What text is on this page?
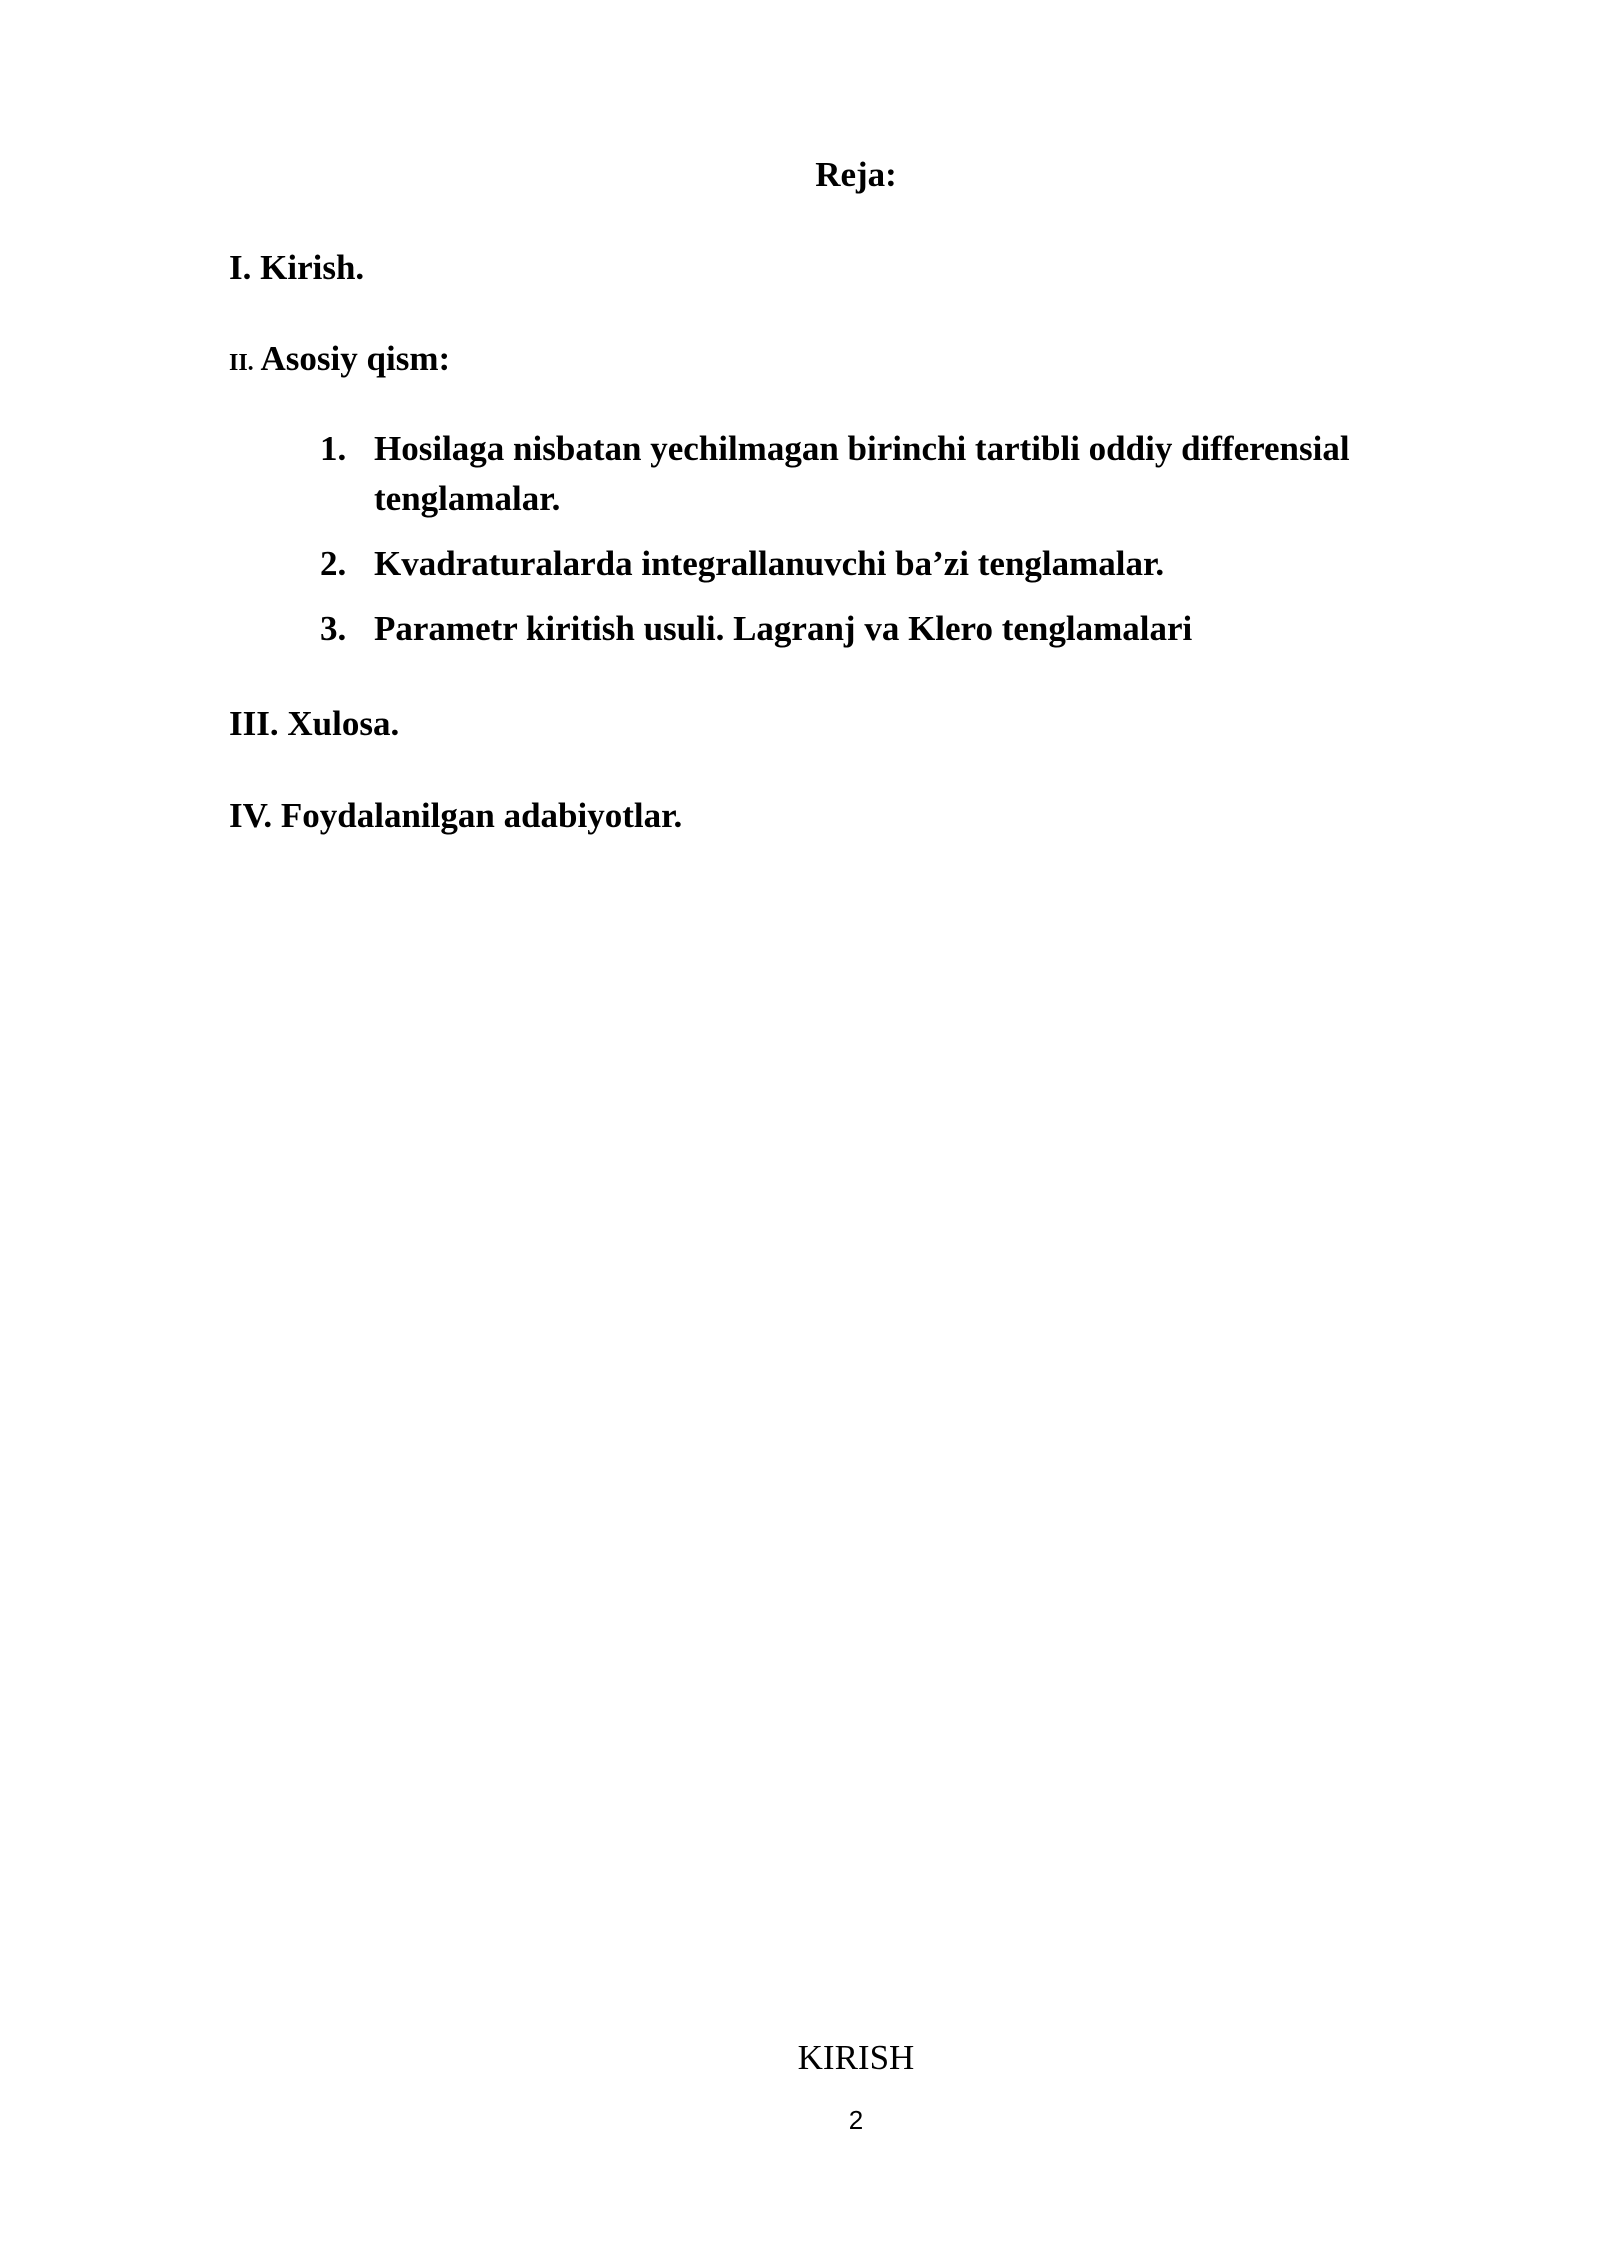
Reja:
I. Kirish.
II. Asosiy qism:
1. Hosilaga nisbatan yechilmagan birinchi tartibli oddiy differensial tenglamalar.
2. Kvadraturalarda integrallanuvchi ba’zi tenglamalar.
3. Parametr kiritish usuli. Lagranj va Klero tenglamalari
III. Xulosa.
IV. Foydalanilgan adabiyotlar.
KIRISH
2
